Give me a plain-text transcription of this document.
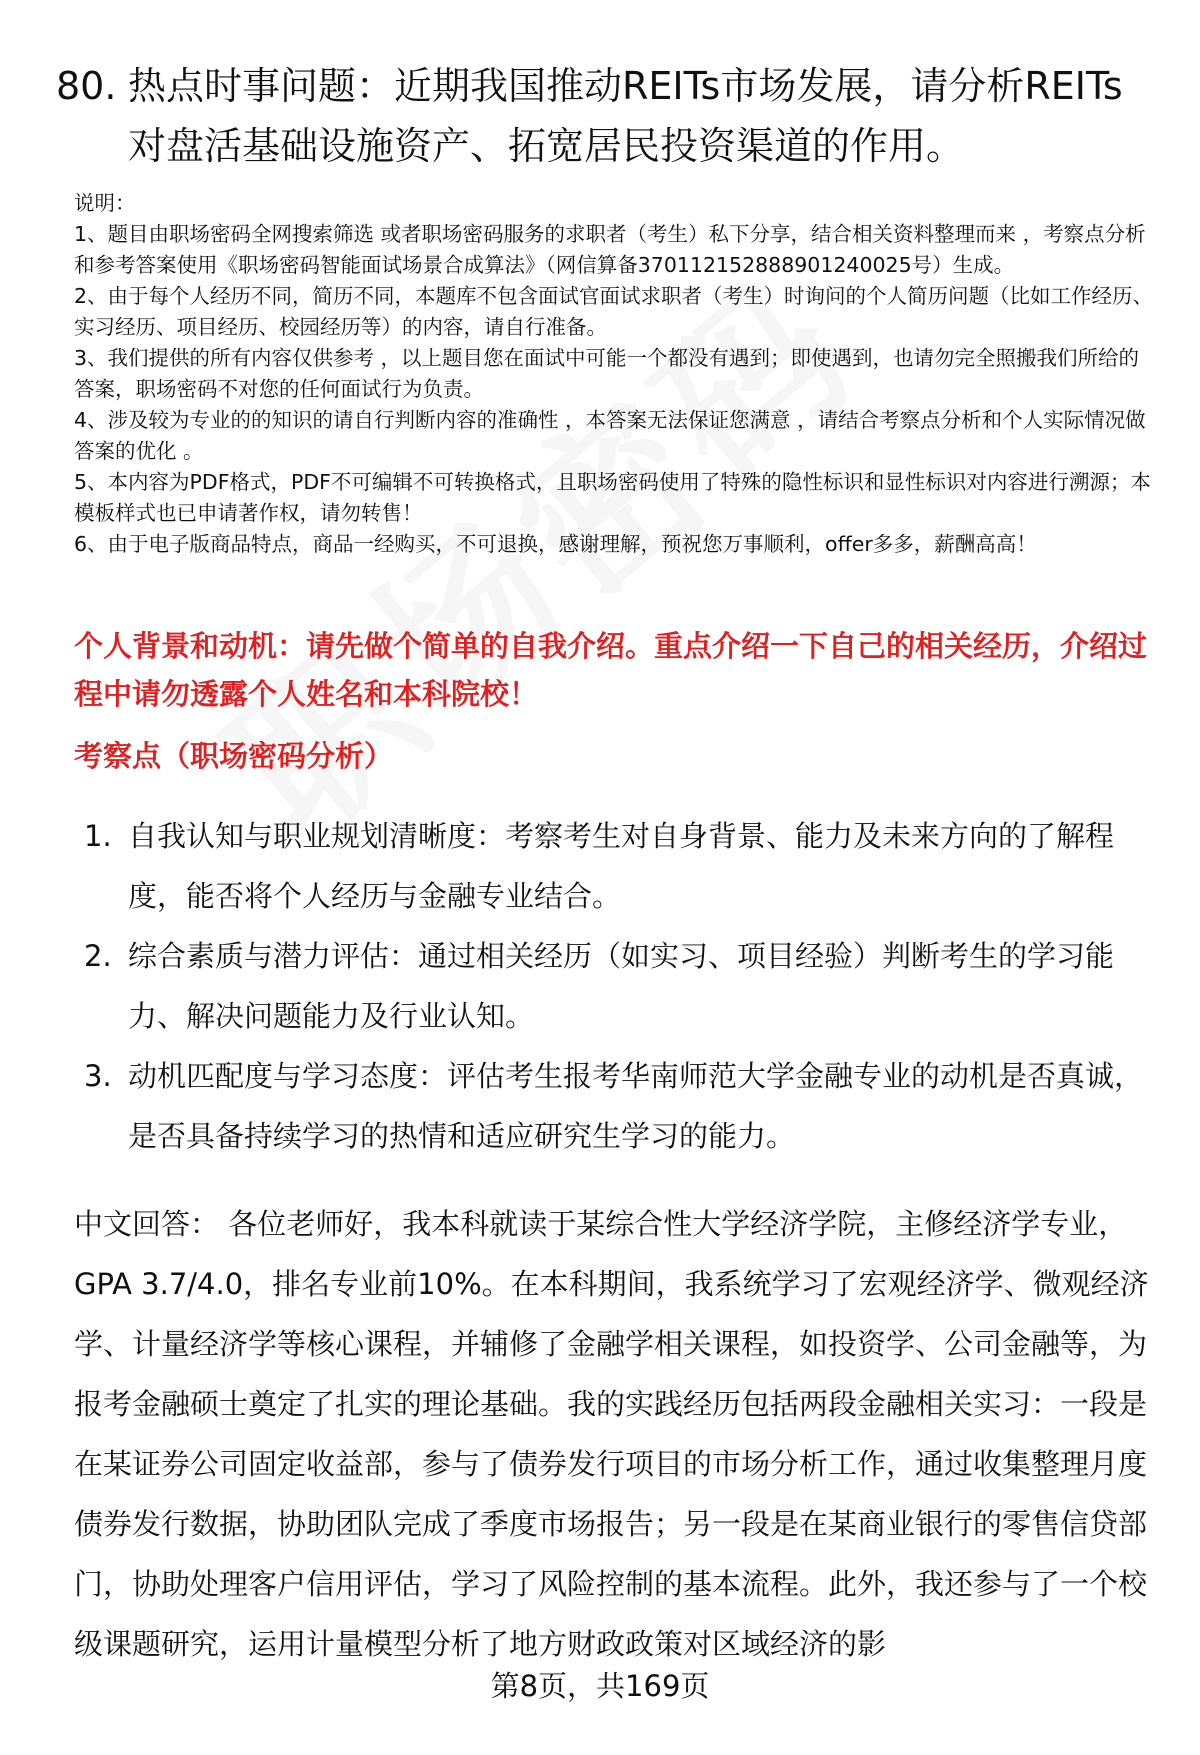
80. 热点时事问题：近期我国推动REITs市场发展，请分析REITs对盘活基础设施资产、拓宽居民投资渠道的作用。
说明：
1、题目由职场密码全网搜索筛选 或者职场密码服务的求职者（考生）私下分享，结合相关资料整理而来 ，考察点分析和参考答案使用《职场密码智能面试场景合成算法》（网信算备370112152888901240025号）生成。
2、由于每个人经历不同，简历不同，本题库不包含面试官面试求职者（考生）时询问的个人简历问题（比如工作经历、实习经历、项目经历、校园经历等）的内容，请自行准备。
3、我们提供的所有内容仅供参考 ，以上题目您在面试中可能一个都没有遇到；即使遇到，也请勿完全照搬我们所给的答案，职场密码不对您的任何面试行为负责。
4、涉及较为专业的的知识的请自行判断内容的准确性 ，本答案无法保证您满意 ，请结合考察点分析和个人实际情况做答案的优化 。
5、本内容为PDF格式，PDF不可编辑不可转换格式，且职场密码使用了特殊的隐性标识和显性标识对内容进行溯源；本模板样式也已申请著作权，请勿转售！
6、由于电子版商品特点，商品一经购买，不可退换，感谢理解，预祝您万事顺利，offer多多，薪酬高高！
个人背景和动机：请先做个简单的自我介绍。重点介绍一下自己的相关经历，介绍过程中请勿透露个人姓名和本科院校！
考察点（职场密码分析）
1. 自我认知与职业规划清晰度：考察考生对自身背景、能力及未来方向的了解程度，能否将个人经历与金融专业结合。
2. 综合素质与潜力评估：通过相关经历（如实习、项目经验）判断考生的学习能力、解决问题能力及行业认知。
3. 动机匹配度与学习态度：评估考生报考华南师范大学金融专业的动机是否真诚，是否具备持续学习的热情和适应研究生学习的能力。
中文回答： 各位老师好，我本科就读于某综合性大学经济学院，主修经济学专业，GPA 3.7/4.0，排名专业前10%。在本科期间，我系统学习了宏观经济学、微观经济学、计量经济学等核心课程，并辅修了金融学相关课程，如投资学、公司金融等，为报考金融硕士奠定了扎实的理论基础。我的实践经历包括两段金融相关实习：一段是在某证券公司固定收益部，参与了债券发行项目的市场分析工作，通过收集整理月度债券发行数据，协助团队完成了季度市场报告；另一段是在某商业银行的零售信贷部门，协助处理客户信用评估，学习了风险控制的基本流程。此外，我还参与了一个校级课题研究，运用计量模型分析了地方财政政策对区域经济的影
第8页，共169页
